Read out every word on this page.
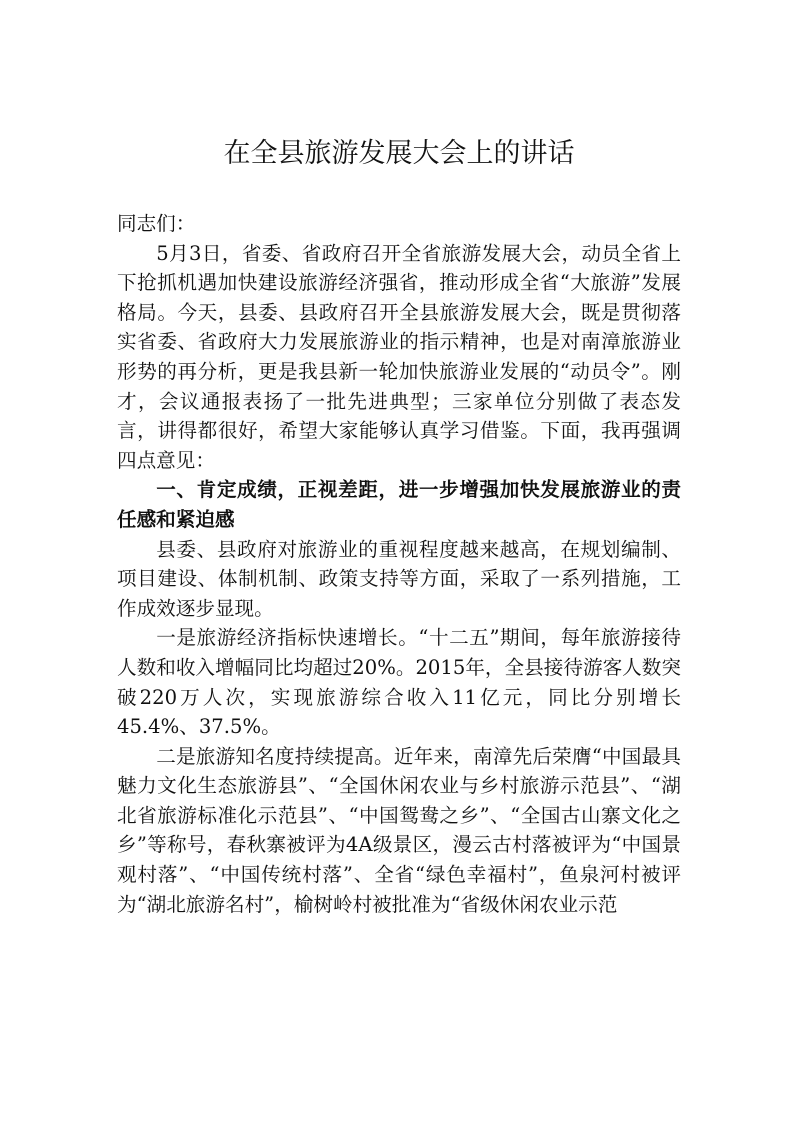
在全县旅游发展大会上的讲话

同志们：

5月3日，省委、省政府召开全省旅游发展大会，动员全省上下抢抓机遇加快建设旅游经济强省，推动形成全省“大旅游”发展格局。今天，县委、县政府召开全县旅游发展大会，既是贯彻落实省委、省政府大力发展旅游业的指示精神，也是对南漳旅游业形势的再分析，更是我县新一轮加快旅游业发展的“动员令”。刚才，会议通报表扬了一批先进典型；三家单位分别做了表态发言，讲得都很好，希望大家能够认真学习借鉴。下面，我再强调四点意见：

一、肯定成绩，正视差距，进一步增强加快发展旅游业的责任感和紧迫感

县委、县政府对旅游业的重视程度越来越高，在规划编制、项目建设、体制机制、政策支持等方面，采取了一系列措施，工作成效逐步显现。

一是旅游经济指标快速增长。“十二五”期间，每年旅游接待人数和收入增幅同比均超过20%。2015年，全县接待游客人数突破220万人次，实现旅游综合收入11亿元，同比分别增长45.4%、37.5%。

二是旅游知名度持续提高。近年来，南漳先后荣膺“中国最具魅力文化生态旅游县”、“全国休闲农业与乡村旅游示范县”、“湖北省旅游标准化示范县”、“中国鸳鸯之乡”、“全国古山寨文化之乡”等称号，春秋寨被评为4A级景区，漫云古村落被评为“中国景观村落”、“中国传统村落”、全省“绿色幸福村”，鱼泉河村被评为“湖北旅游名村”，榆树岭村被批准为“省级休闲农业示范
